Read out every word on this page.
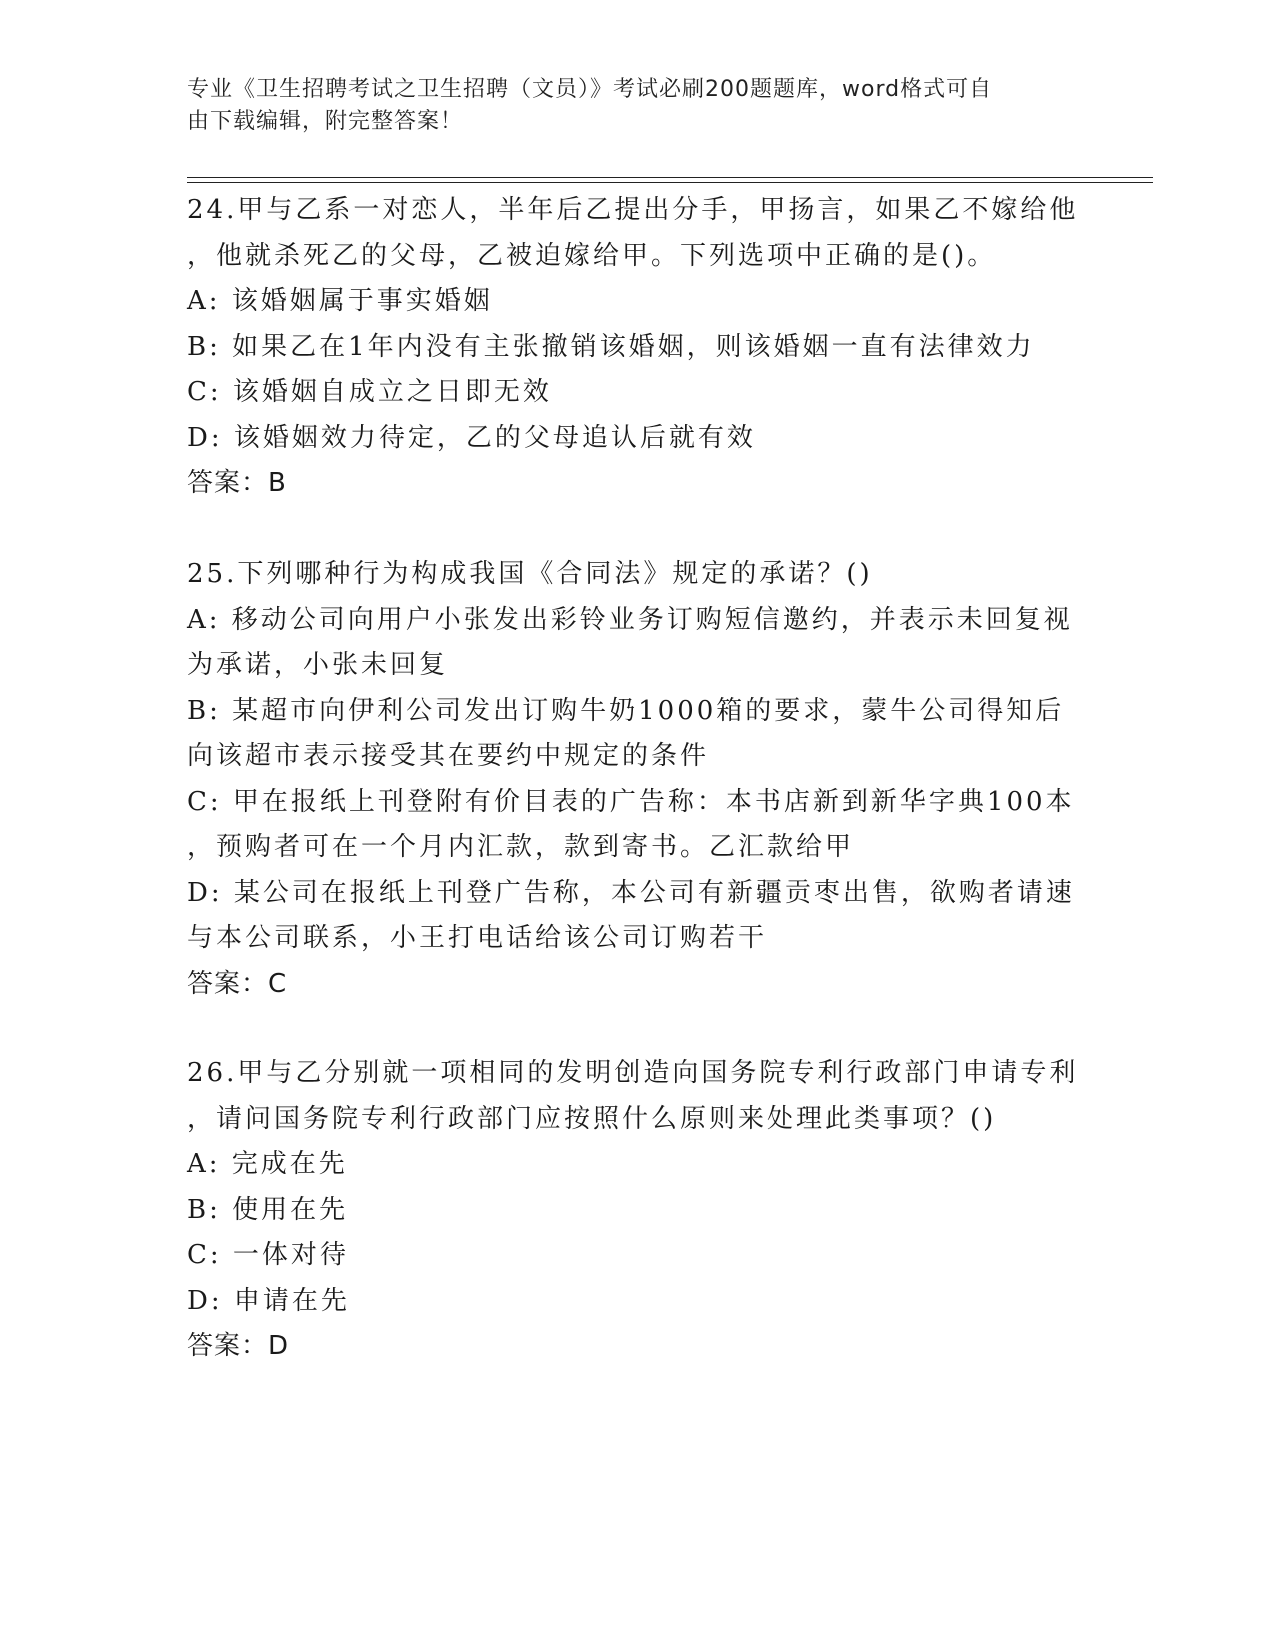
专业《卫生招聘考试之卫生招聘（文员）》考试必刷200题题库，word格式可自
由下载编辑，附完整答案！
24.甲与乙系一对恋人，半年后乙提出分手，甲扬言，如果乙不嫁给他
，他就杀死乙的父母，乙被迫嫁给甲。下列选项中正确的是()。
A: 该婚姻属于事实婚姻
B: 如果乙在1年内没有主张撤销该婚姻，则该婚姻一直有法律效力
C: 该婚姻自成立之日即无效
D: 该婚姻效力待定，乙的父母追认后就有效
答案：B
25.下列哪种行为构成我国《合同法》规定的承诺？()
A: 移动公司向用户小张发出彩铃业务订购短信邀约，并表示未回复视
为承诺，小张未回复
B: 某超市向伊利公司发出订购牛奶1000箱的要求，蒙牛公司得知后
向该超市表示接受其在要约中规定的条件
C: 甲在报纸上刊登附有价目表的广告称：本书店新到新华字典100本
，预购者可在一个月内汇款，款到寄书。乙汇款给甲
D: 某公司在报纸上刊登广告称，本公司有新疆贡枣出售，欲购者请速
与本公司联系，小王打电话给该公司订购若干
答案：C
26.甲与乙分别就一项相同的发明创造向国务院专利行政部门申请专利
，请问国务院专利行政部门应按照什么原则来处理此类事项？()
A: 完成在先
B: 使用在先
C: 一体对待
D: 申请在先
答案：D
